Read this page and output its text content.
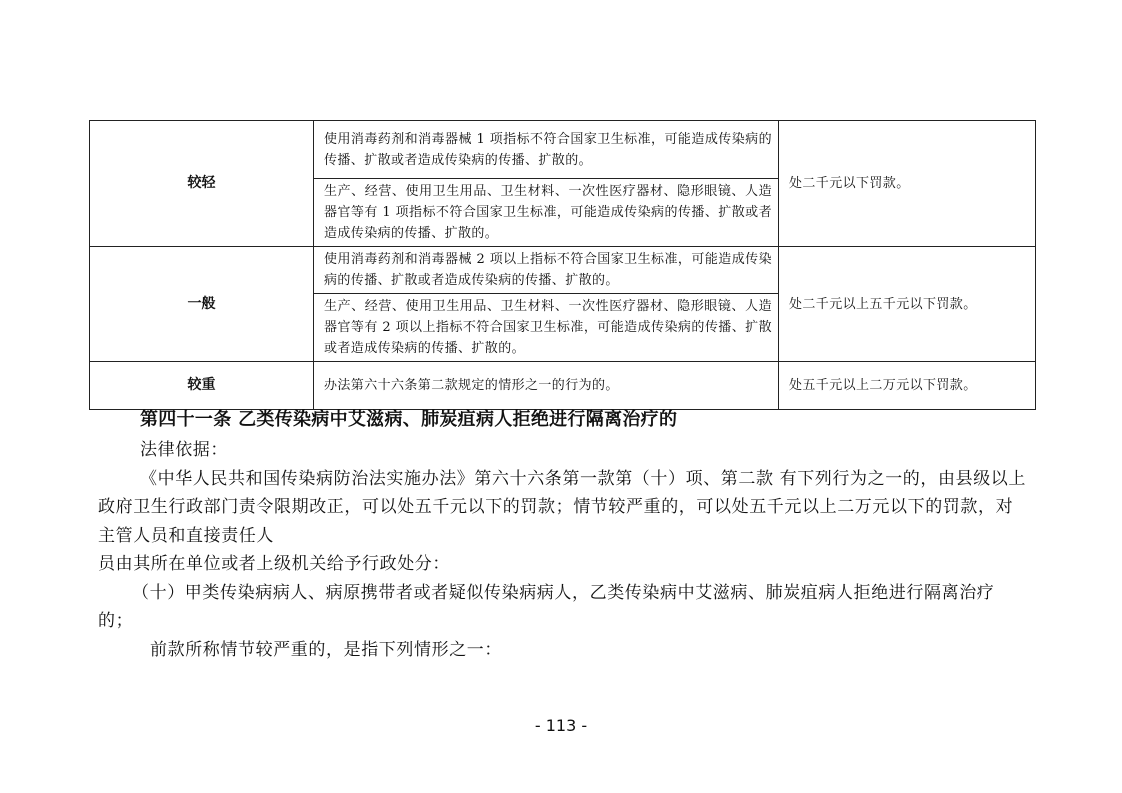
较轻	使用消毒药剂和消毒器械 1 项指标不符合国家卫生标准，可能造成传染病的传播、扩散或者造成传染病的传播、扩散的。	处二千元以下罚款。
	生产、经营、使用卫生用品、卫生材料、一次性医疗器材、隐形眼镜、人造器官等有 1 项指标不符合国家卫生标准，可能造成传染病的传播、扩散或者造成传染病的传播、扩散的。	
一般	使用消毒药剂和消毒器械 2 项以上指标不符合国家卫生标准，可能造成传染病的传播、扩散或者造成传染病的传播、扩散的。	处二千元以上五千元以下罚款。
	生产、经营、使用卫生用品、卫生材料、一次性医疗器材、隐形眼镜、人造器官等有 2 项以上指标不符合国家卫生标准，可能造成传染病的传播、扩散或者造成传染病的传播、扩散的。	
较重	办法第六十六条第二款规定的情形之一的行为的。	处五千元以上二万元以下罚款。
第四十一条 乙类传染病中艾滋病、肺炭疽病人拒绝进行隔离治疗的

法律依据：

《中华人民共和国传染病防治法实施办法》第六十六条第一款第（十）项、第二款 有下列行为之一的，由县级以上政府卫生行政部门责令限期改正，可以处五千元以下的罚款；情节较严重的，可以处五千元以上二万元以下的罚款，对主管人员和直接责任人

员由其所在单位或者上级机关给予行政处分：

（十）甲类传染病病人、病原携带者或者疑似传染病病人，乙类传染病中艾滋病、肺炭疽病人拒绝进行隔离治疗的；

前款所称情节较严重的，是指下列情形之一：

- 113 -
